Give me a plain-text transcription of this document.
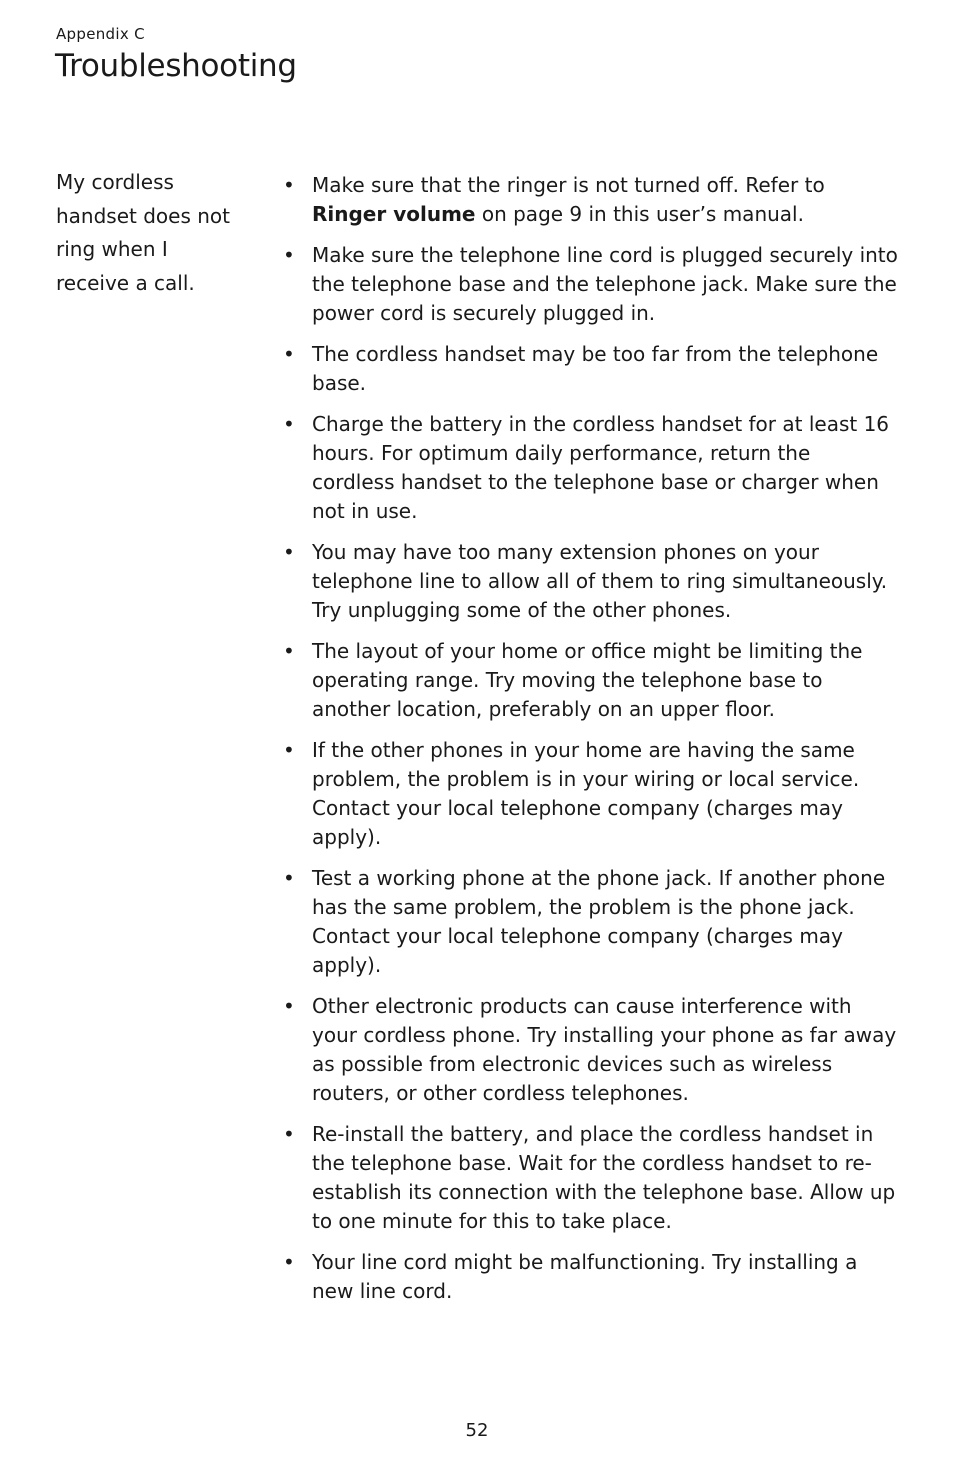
Appendix C

Troubleshooting

My cordless
handset does not
ring when I
receive a call.

• Make sure that the ringer is not turned off. Refer to Ringer volume on page 9 in this user’s manual.
• Make sure the telephone line cord is plugged securely into the telephone base and the telephone jack. Make sure the power cord is securely plugged in.
• The cordless handset may be too far from the telephone base.
• Charge the battery in the cordless handset for at least 16 hours. For optimum daily performance, return the cordless handset to the telephone base or charger when not in use.
• You may have too many extension phones on your telephone line to allow all of them to ring simultaneously. Try unplugging some of the other phones.
• The layout of your home or office might be limiting the operating range. Try moving the telephone base to another location, preferably on an upper floor.
• If the other phones in your home are having the same problem, the problem is in your wiring or local service. Contact your local telephone company (charges may apply).
• Test a working phone at the phone jack. If another phone has the same problem, the problem is the phone jack. Contact your local telephone company (charges may apply).
• Other electronic products can cause interference with your cordless phone. Try installing your phone as far away as possible from electronic devices such as wireless routers, or other cordless telephones.
• Re-install the battery, and place the cordless handset in the telephone base. Wait for the cordless handset to re-establish its connection with the telephone base. Allow up to one minute for this to take place.
• Your line cord might be malfunctioning. Try installing a new line cord.

52
